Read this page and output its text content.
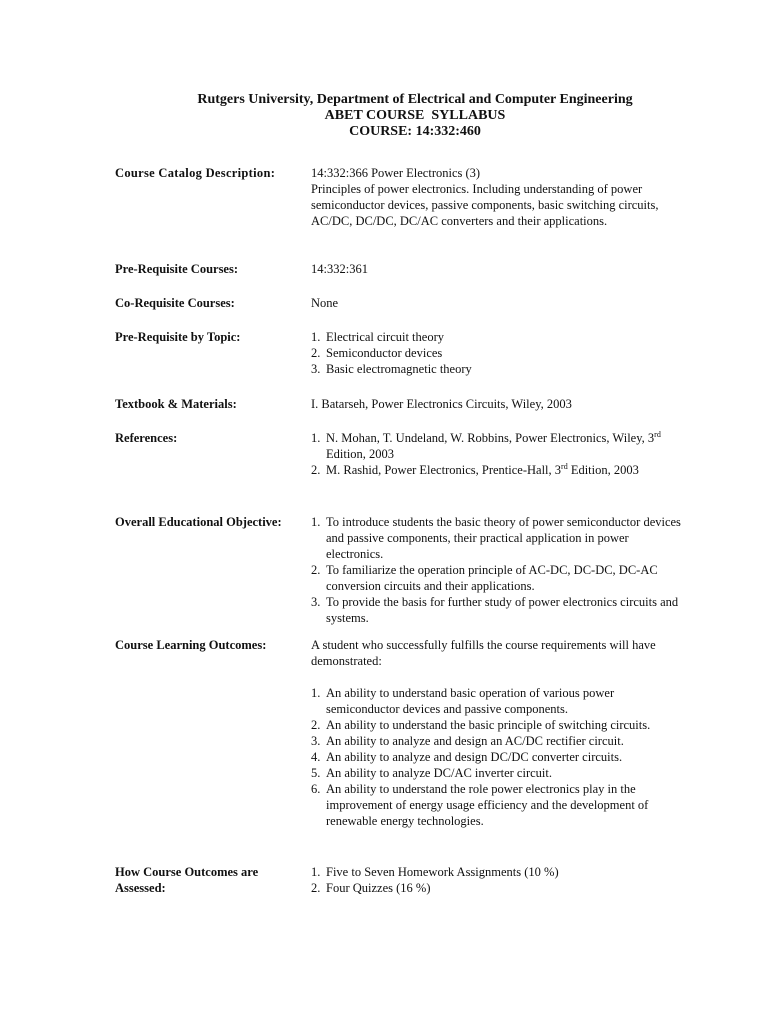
Rutgers University, Department of Electrical and Computer Engineering
ABET COURSE  SYLLABUS
COURSE: 14:332:460
Course Catalog Description:	14:332:366 Power Electronics (3)

Principles of power electronics. Including understanding of power semiconductor devices, passive components, basic switching circuits, AC/DC, DC/DC, DC/AC converters and their applications.

Pre-Requisite Courses:	14:332:361
Co-Requisite Courses:	None
Pre-Requisite by Topic:	1. Electrical circuit theory
2. Semiconductor devices
3. Basic electromagnetic theory
Textbook & Materials:	I. Batarseh, Power Electronics Circuits, Wiley, 2003
References:	1. N. Mohan, T. Undeland, W. Robbins, Power Electronics, Wiley, 3rd Edition, 2003
2. M. Rashid, Power Electronics, Prentice-Hall, 3rd Edition, 2003
Overall Educational Objective:	1. To introduce students the basic theory of power semiconductor devices and passive components, their practical application in power electronics.
2. To familiarize the operation principle of AC-DC, DC-DC, DC-AC conversion circuits and their applications.
3. To provide the basis for further study of power electronics circuits and systems.
Course Learning Outcomes:	A student who successfully fulfills the course requirements will have demonstrated:

1. An ability to understand basic operation of various power semiconductor devices and passive components.
2. An ability to understand the basic principle of switching circuits.
3. An ability to analyze and design an AC/DC rectifier circuit.
4. An ability to analyze and design DC/DC converter circuits.
5. An ability to analyze DC/AC inverter circuit.
6. An ability to understand the role power electronics play in the improvement of energy usage efficiency and the development of renewable energy technologies.
How Course Outcomes are Assessed:
1. Five to Seven Homework Assignments (10 %)
2. Four Quizzes (16 %)
